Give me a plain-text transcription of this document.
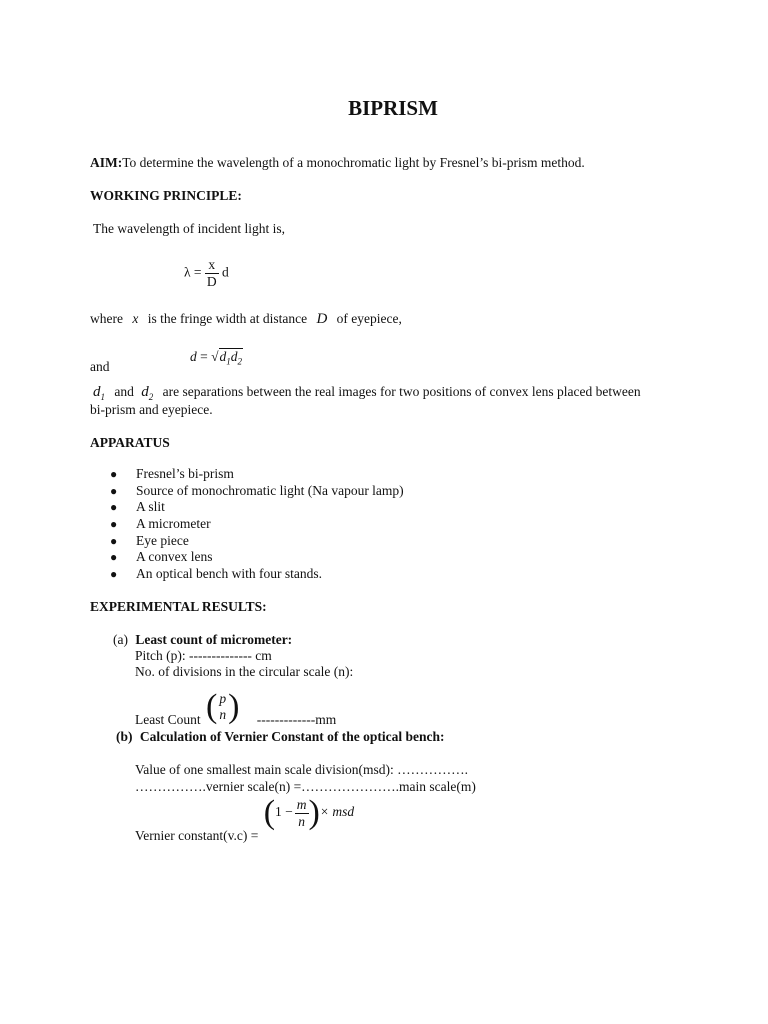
BIPRISM
AIM:To determine the wavelength of a monochromatic light by Fresnel’s bi-prism method.
WORKING PRINCIPLE:
The wavelength of incident light is,
$\lambda = \frac{x}{D}$ d
where x is the fringe width at distance D of eyepiece,
and
$d = √d_1d_2$
$d_1$ and $d_2$ are separations between the real images for two positions of convex lens placed between
bi-prism and eyepiece.
APPARATUS
● Fresnel’s bi-prism
● Source of monochromatic light (Na vapour lamp)
● A slit
● A micrometer
● Eye piece
● A convex lens
● An optical bench with four stands.
EXPERIMENTAL RESULTS:
(a) Least count of micrometer:
Pitch (p): -------------- cm
No. of divisions in the circular scale (n):
Least Count ( p
n ) -------------mm
(b) Calculation of Vernier Constant of the optical bench:
Value of one smallest main scale division(msd): …………….
…………….vernier scale(n) =………………….main scale(m)
Vernier constant(v.c) = ($1 - \frac{m}{n}$ )× msd
